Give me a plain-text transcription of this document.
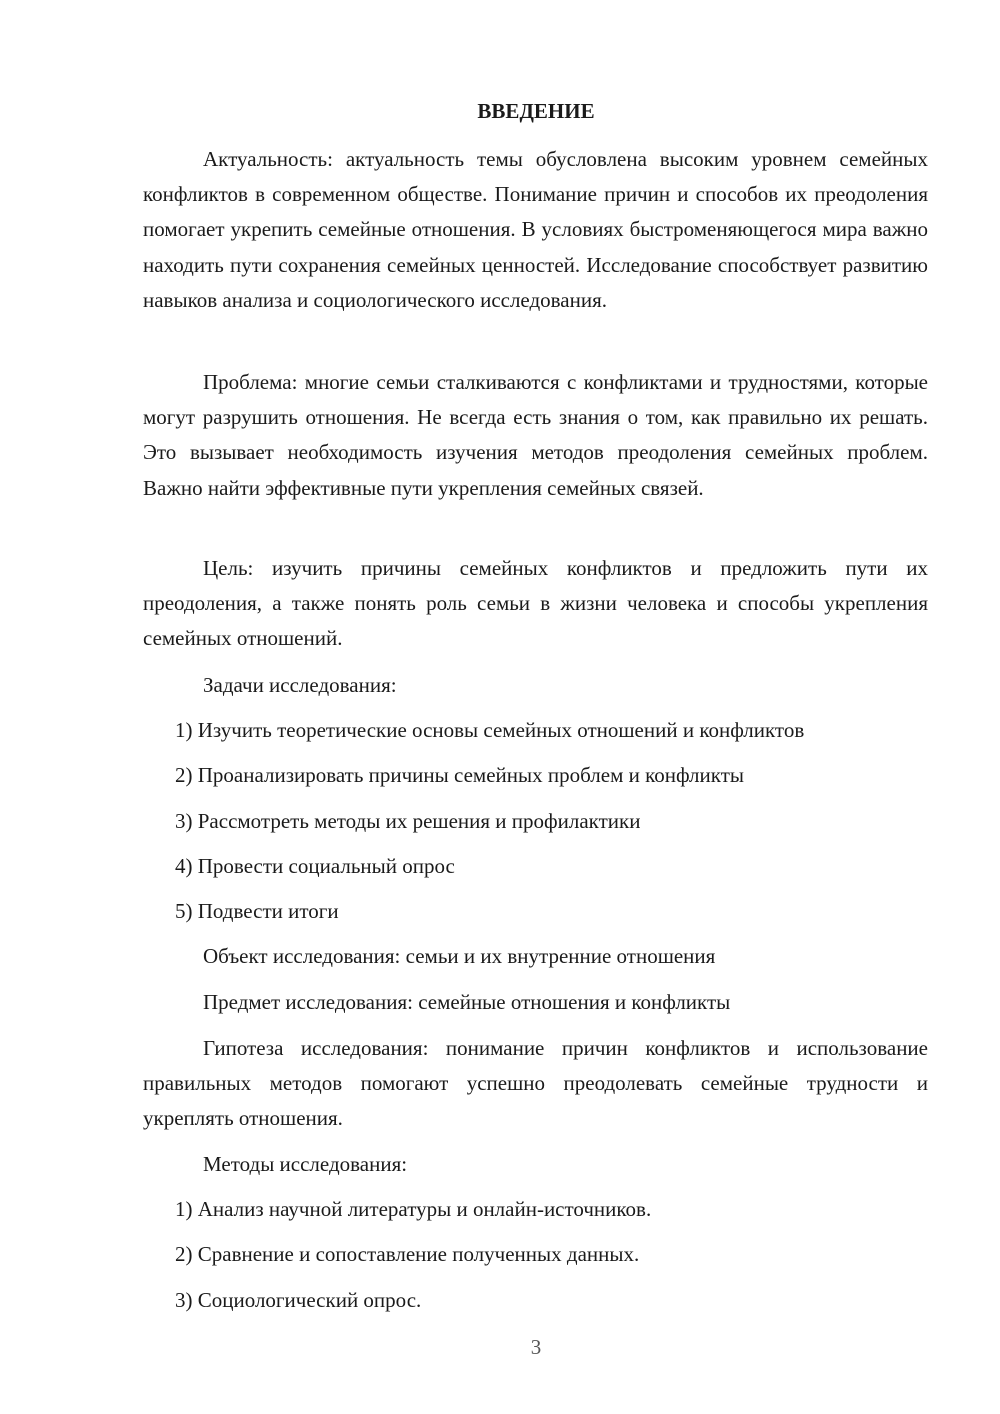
ВВЕДЕНИЕ

Актуальность: актуальность темы обусловлена высоким уровнем семейных конфликтов в современном обществе. Понимание причин и способов их преодоления помогает укрепить семейные отношения. В условиях быстроменяющегося мира важно находить пути сохранения семейных ценностей. Исследование способствует развитию навыков анализа и социологического исследования.

Проблема: многие семьи сталкиваются с конфликтами и трудностями, которые могут разрушить отношения. Не всегда есть знания о том, как правильно их решать. Это вызывает необходимость изучения методов преодоления семейных проблем. Важно найти эффективные пути укрепления семейных связей.

Цель: изучить причины семейных конфликтов и предложить пути их преодоления, а также понять роль семьи в жизни человека и способы укрепления семейных отношений.

Задачи исследования:

1) Изучить теоретические основы семейных отношений и конфликтов

2) Проанализировать причины семейных проблем и конфликты

3) Рассмотреть методы их решения и профилактики

4) Провести социальный опрос

5) Подвести итоги

Объект исследования: семьи и их внутренние отношения

Предмет исследования: семейные отношения и конфликты

Гипотеза исследования: понимание причин конфликтов и использование правильных методов помогают успешно преодолевать семейные трудности и укреплять отношения.

Методы исследования:

1) Анализ научной литературы и онлайн-источников.

2) Сравнение и сопоставление полученных данных.

3) Социологический опрос.

3
